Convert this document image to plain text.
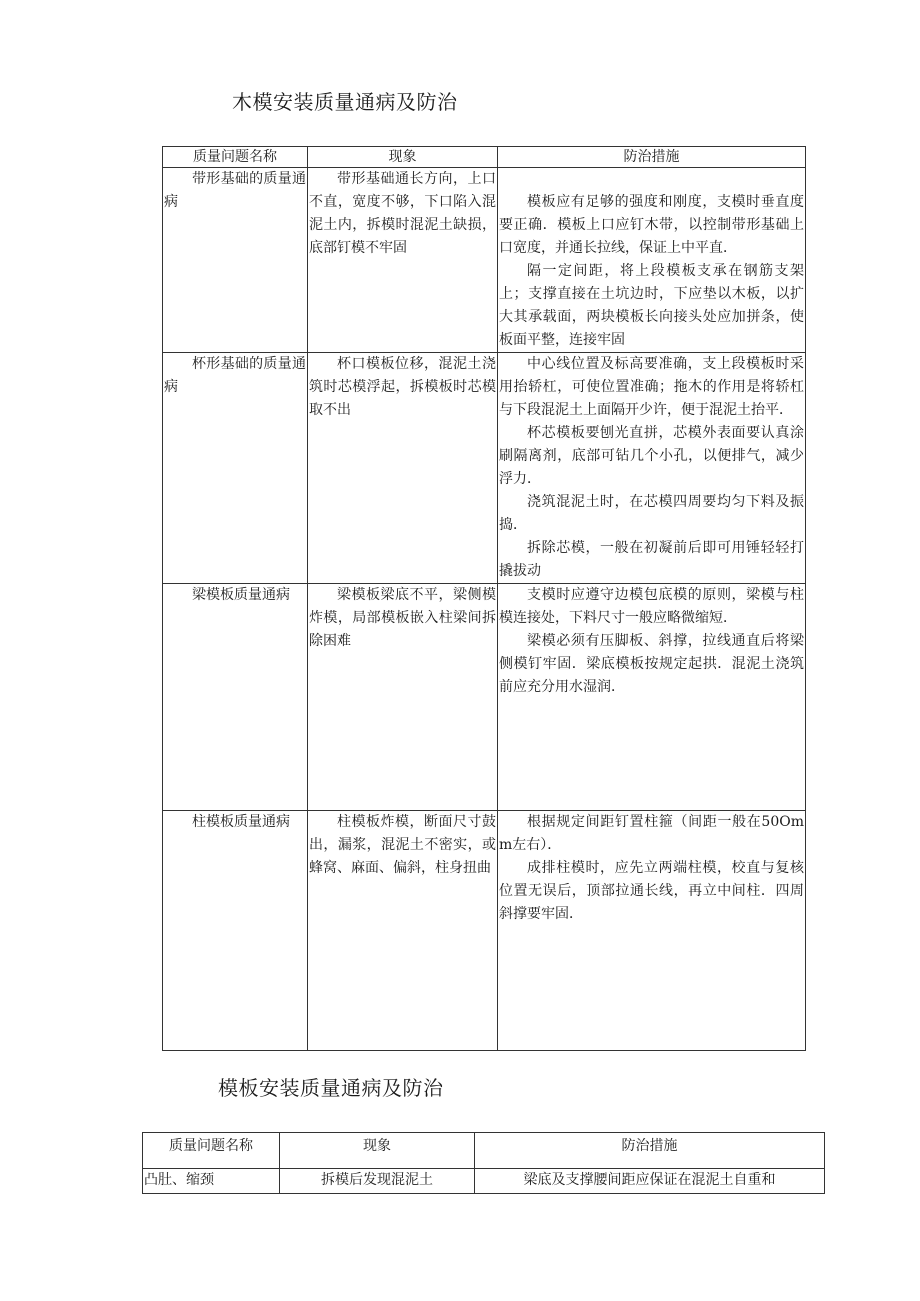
木模安装质量通病及防治
质量问题名称	现象	防治措施

带形基础的质量通病	带形基础通长方向，上口不直，宽度不够，下口陷入混泥土内，拆模时混泥土缺损，底部钉模不牢固	模板应有足够的强度和刚度，支模时垂直度要正确．模板上口应钉木带，以控制带形基础上口宽度，并通长拉线，保证上中平直．

隔一定间距，将上段模板支承在钢筋支架上；支撑直接在土坑边时，下应垫以木板，以扩大其承载面，两块模板长向接头处应加拼条，使板面平整，连接牢固

杯形基础的质量通病	杯口模板位移，混泥土浇筑时芯模浮起，拆模板时芯模取不出	中心线位置及标高要准确，支上段模板时采用抬轿杠，可使位置准确；拖木的作用是将轿杠与下段混泥土上面隔开少许，便于混泥土抬平．

杯芯模板要刨光直拼，芯模外表面要认真涂刷隔离剂，底部可钻几个小孔，以便排气，减少浮力．

浇筑混泥土时，在芯模四周要均匀下料及振捣．

拆除芯模，一般在初凝前后即可用锤轻轻打撬拔动

梁模板质量通病	梁模板梁底不平，梁侧模炸模，局部模板嵌入柱梁间拆除困难	支模时应遵守边模包底模的原则，梁模与柱模连接处，下料尺寸一般应略微缩短．

梁模必须有压脚板、斜撑，拉线通直后将梁侧模钉牢固．梁底模板按规定起拱．混泥土浇筑前应充分用水湿润．

柱模板质量通病	柱模板炸模，断面尺寸鼓出，漏浆，混泥土不密实，或蜂窝、麻面、偏斜，柱身扭曲	根据规定间距钉置柱箍（间距一般在50Omm左右）．

成排柱模时，应先立两端柱模，校直与复核位置无误后，顶部拉通长线，再立中间柱．四周斜撑要牢固．

模板安装质量通病及防治
质量问题名称	现象	防治措施

凸肚、缩颈	拆模后发现混泥土	梁底及支撑腰间距应保证在混泥土自重和
